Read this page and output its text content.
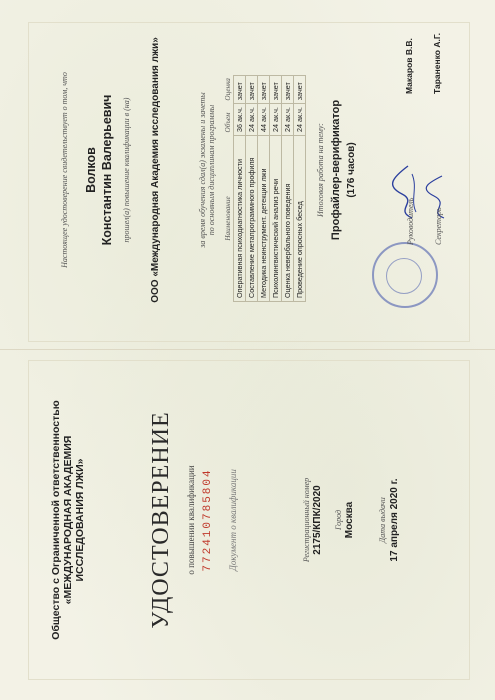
Общество с Ограниченной ответственностью «МЕЖДУНАРОДНАЯ АКАДЕМИЯ ИССЛЕДОВАНИЯ ЛЖИ»	УДОСТОВЕРЕНИЕ о повышении квалификации 772410785804 Документ о квалификации	Регистрационный номер 2175/КПК/2020 Город Москва	Дата выдачи 17 апреля 2020 г.
Настоящее удостоверение свидетельствует о том, что Волков Константин Валерьевич прошел(а) повышение квалификации в (на) ООО «Международная Академия исследования лжи»	за время обучения сдал(а) экзамены и зачеты по основным дисциплинам программы Наименование	Объем	Оценка
Оперативная психодиагностика личности	36 ак.ч.	зачет
Составление метапрограммного профиля	24 ак.ч.	зачет
Методика неинструмент. детекции лжи	44 ак.ч.	зачет
Психолингвистический анализ речи	24 ак.ч.	зачет
Оценка невербального поведения	24 ак.ч.	зачет
Проведение опросных бесед	24 ак.ч.	зачет
Итоговая работа на тему: Профайлер-верификатор (176 часов)
Руководитель
Макаров В.В.
Секретарь
Тараненко А.Г.
